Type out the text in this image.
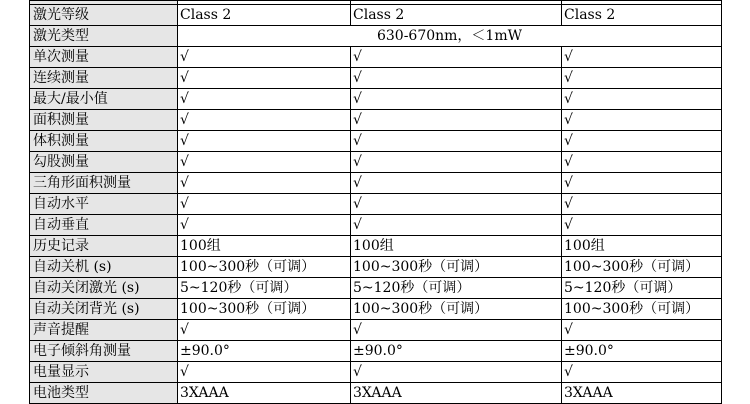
激光等级	Class 2	Class 2	Class 2
激光类型	630-670nm，＜1mW		
单次测量	√	√	√
连续测量	√	√	√
最大/最小值	√	√	√
面积测量	√	√	√
体积测量	√	√	√
勾股测量	√	√	√
三角形面积测量	√	√	√
自动水平	√	√	√
自动垂直	√	√	√
历史记录	100组	100组	100组
自动关机 (s)	100~300秒（可调）	100~300秒（可调）	100~300秒（可调）
自动关闭激光 (s)	5~120秒（可调）	5~120秒（可调）	5~120秒（可调）
自动关闭背光 (s)	100~300秒（可调）	100~300秒（可调）	100~300秒（可调）
声音提醒	√	√	√
电子倾斜角测量	±90.0°	±90.0°	±90.0°
电量显示	√	√	√
电池类型	3XAAA	3XAAA	3XAAA
